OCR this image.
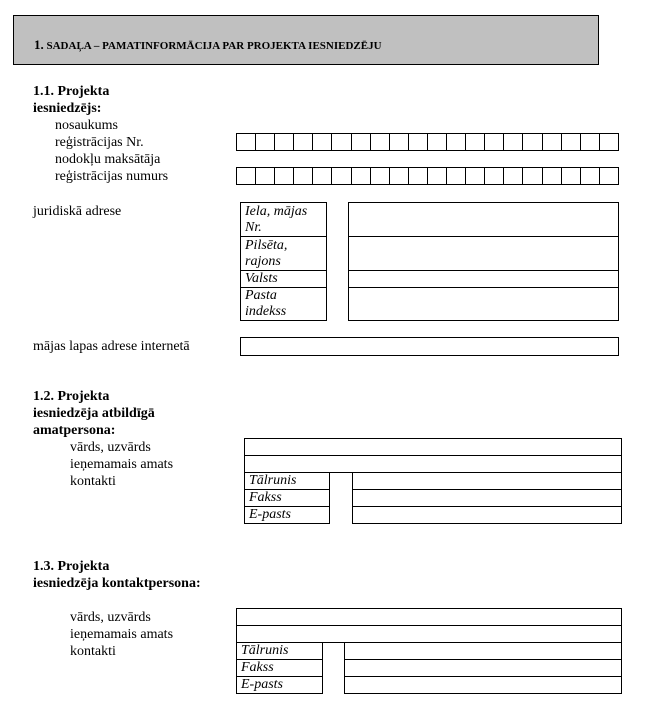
1. SADAĻA – PAMATINFORMĀCIJA PAR PROJEKTA IESNIEDZĒJU
1.1. Projekta
iesniedzējs:
nosaukums
reģistrācijas Nr.
nodokļu maksātāja
reģistrācijas numurs
juridiskā adrese	Iela, mājas
Nr.
Pilsēta,
rajons
Valsts
Pasta
indekss
mājas lapas adrese internetā
1.2. Projekta
iesniedzēja atbildīgā
amatpersona:
vārds, uzvārds
ieņemamais amats
kontakti	Tālrunis
Fakss
E-pasts
1.3. Projekta
iesniedzēja kontaktpersona:
vārds, uzvārds
ieņemamais amats
kontakti	Tālrunis
Fakss
E-pasts
